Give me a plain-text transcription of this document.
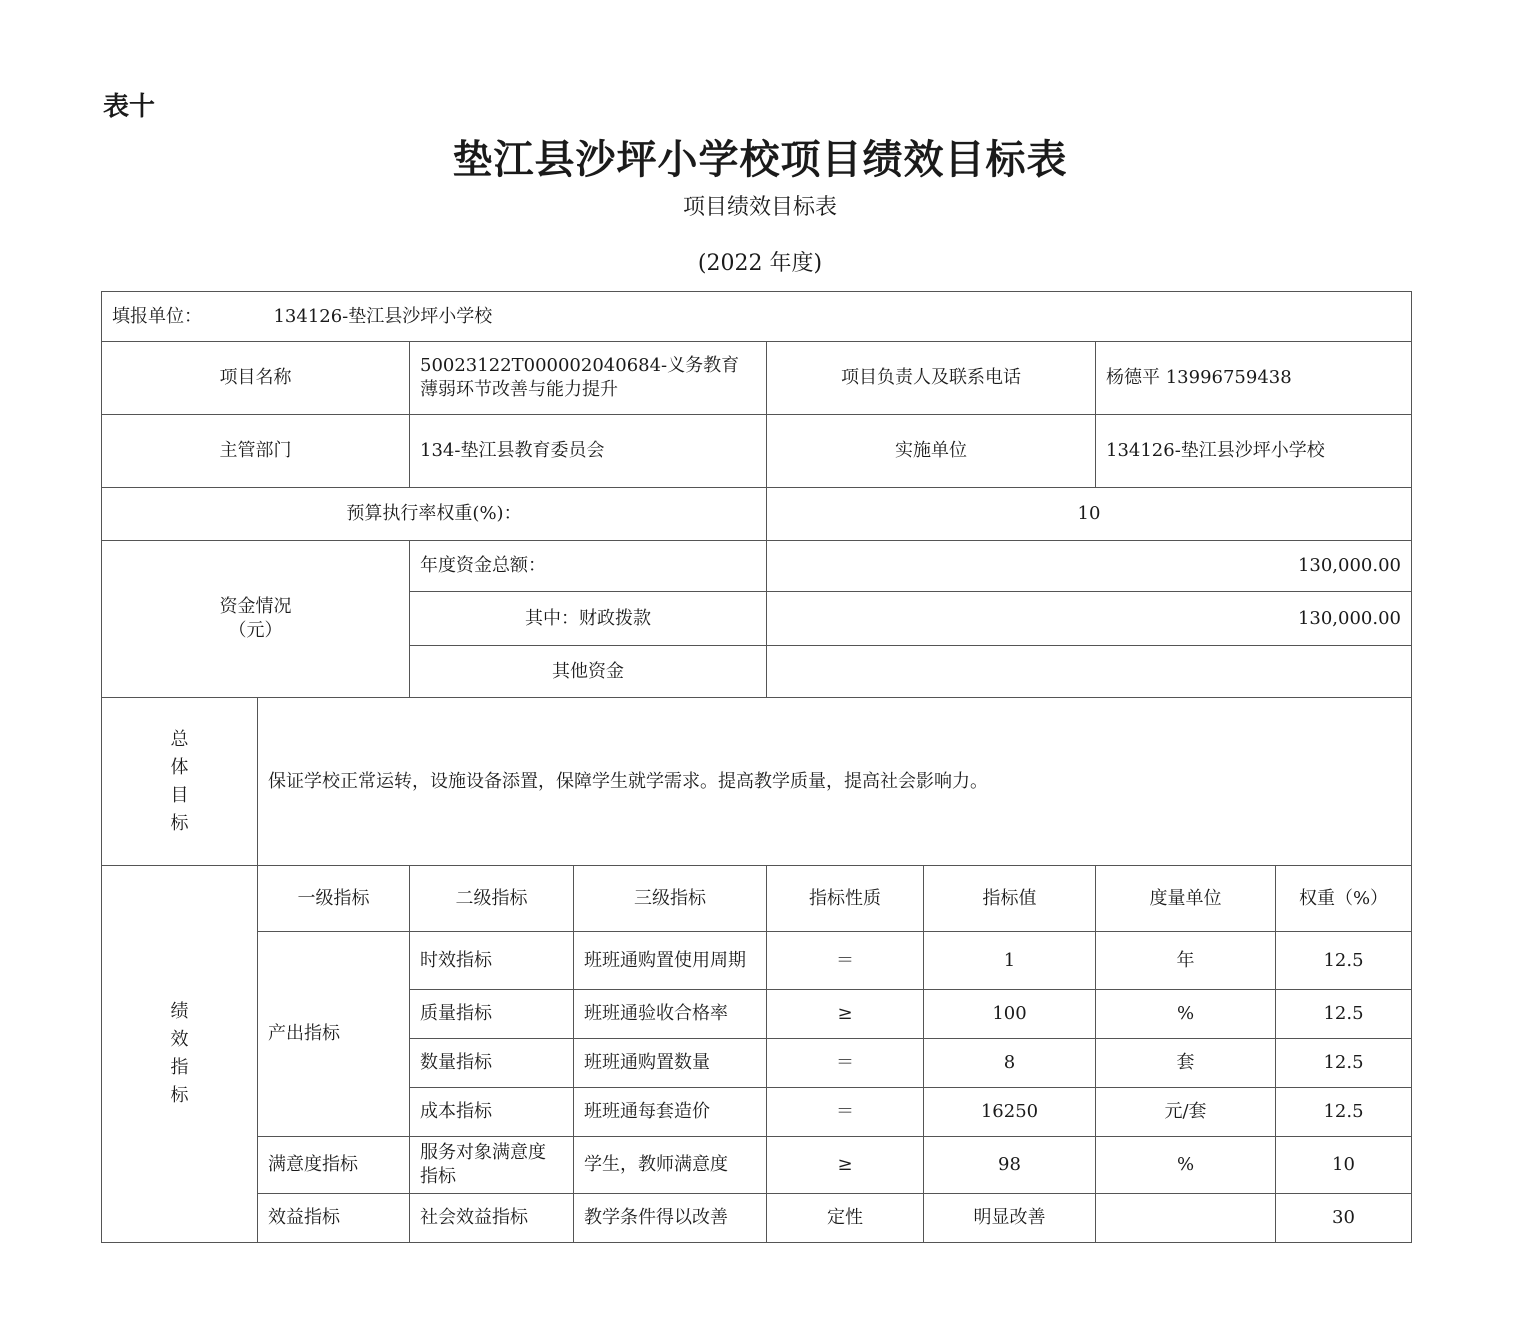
表十
垫江县沙坪小学校项目绩效目标表
项目绩效目标表
(2022 年度)
填报单位： 134126-垫江县沙坪小学校							
项目名称		50023122T000002040684-义务教育薄弱环节改善与能力提升		项目负责人及联系电话		杨德平 13996759438	
主管部门		134-垫江县教育委员会		实施单位		134126-垫江县沙坪小学校	
预算执行率权重(%)：				10			

资金情况
（元）		年度资金总额：		130,000.00			
		其中：财政拨款		130,000.00			
		其他资金					

总
体
目
标	保证学校正常运转，设施设备添置，保障学生就学需求。提高教学质量，提高社会影响力。						

绩
效
指
标	一级指标	二级指标	三级指标	指标性质	指标值	度量单位	权重（%）
	产出指标	时效指标	班班通购置使用周期	＝	1	年	12.5
		质量指标	班班通验收合格率	≥	100	%	12.5
		数量指标	班班通购置数量	＝	8	套	12.5
		成本指标	班班通每套造价	＝	16250	元/套	12.5
	满意度指标	服务对象满意度指标	学生，教师满意度	≥	98	%	10
	效益指标	社会效益指标	教学条件得以改善	定性	明显改善		30
